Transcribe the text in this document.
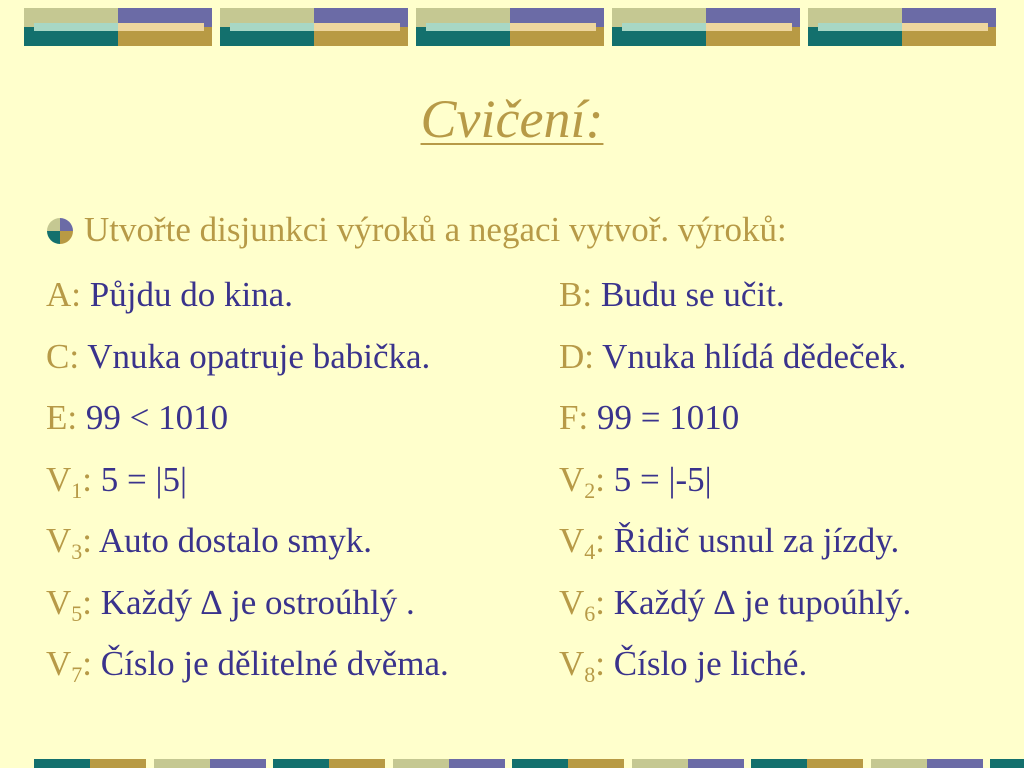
Cvičení:
Utvořte disjunkci výroků a negaci vytvoř. výroků:
A: Půjdu do kina.
C: Vnuka opatruje babička.
E: 99 < 1010
$V_1$: 5 = |5|
$V_3$: Auto dostalo smyk.
$V_5$: Každý ∆ je ostroúhlý .
$V_7$: Číslo je dělitelné dvěma.
B: Budu se učit.
D: Vnuka hlídá dědeček.
F: 99 = 1010
$V_2$: 5 = |-5|
$V_4$: Řidič usnul za jízdy.
$V_6$: Každý ∆ je tupoúhlý.
$V_8$: Číslo je liché.
